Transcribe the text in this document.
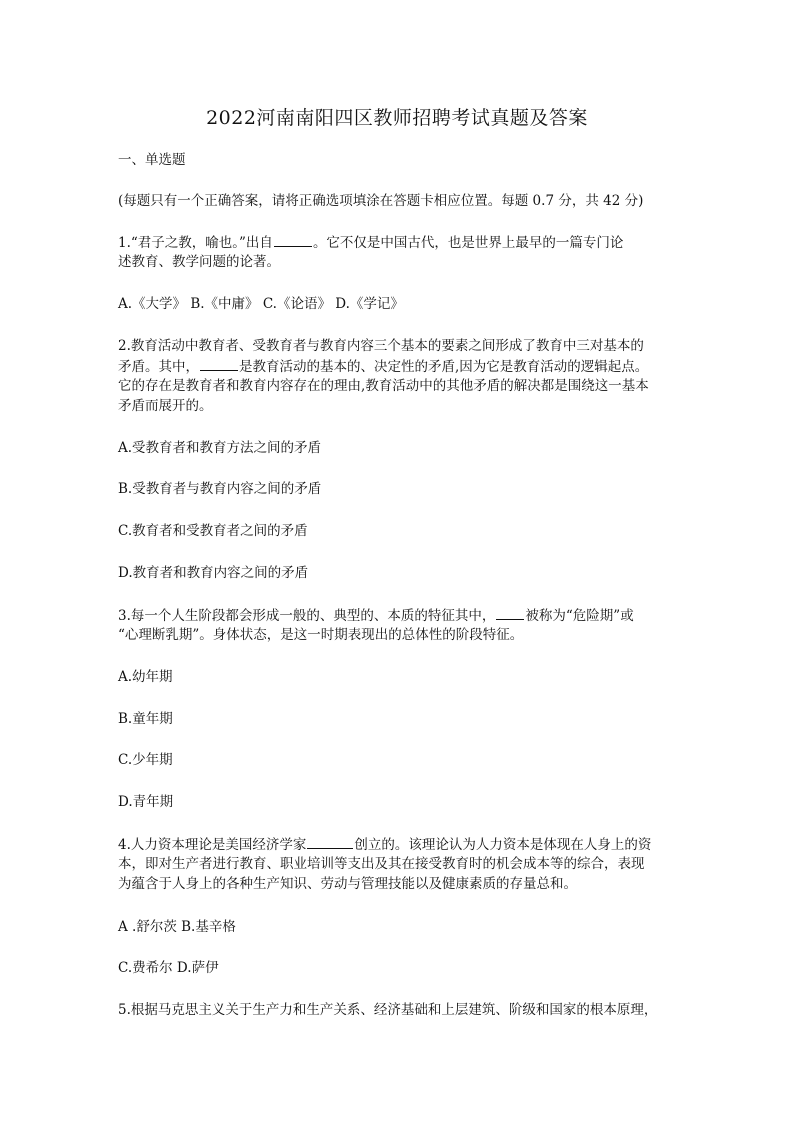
2022河南南阳四区教师招聘考试真题及答案
一、单选题
(每题只有一个正确答案，请将正确选项填涂在答题卡相应位置。每题 0.7 分，共 42 分)
1.“君子之教，喻也。”出自	。它不仅是中国古代，也是世界上最早的一篇专门论
述教育、教学问题的论著。
A.《大学》 B.《中庸》 C.《论语》 D.《学记》
2.教育活动中教育者、受教育者与教育内容三个基本的要素之间形成了教育中三对基本的
矛盾。其中，	是教育活动的基本的、决定性的矛盾,因为它是教育活动的逻辑起点。
它的存在是教育者和教育内容存在的理由,教育活动中的其他矛盾的解决都是围绕这一基本
矛盾而展开的。
A.受教育者和教育方法之间的矛盾
B.受教育者与教育内容之间的矛盾
C.教育者和受教育者之间的矛盾
D.教育者和教育内容之间的矛盾
3.每一个人生阶段都会形成一般的、典型的、本质的特征其中， 被称为“危险期”或
“心理断乳期”。身体状态，是这一时期表现出的总体性的阶段特征。
A.幼年期
B.童年期
C.少年期
D.青年期
4.人力资本理论是美国经济学家	创立的。该理论认为人力资本是体现在人身上的资
本，即对生产者进行教育、职业培训等支出及其在接受教育时的机会成本等的综合，表现
为蕴含于人身上的各种生产知识、劳动与管理技能以及健康素质的存量总和。
A .舒尔茨 B.基辛格
C.费希尔 D.萨伊
5.根据马克思主义关于生产力和生产关系、经济基础和上层建筑、阶级和国家的根本原理，
